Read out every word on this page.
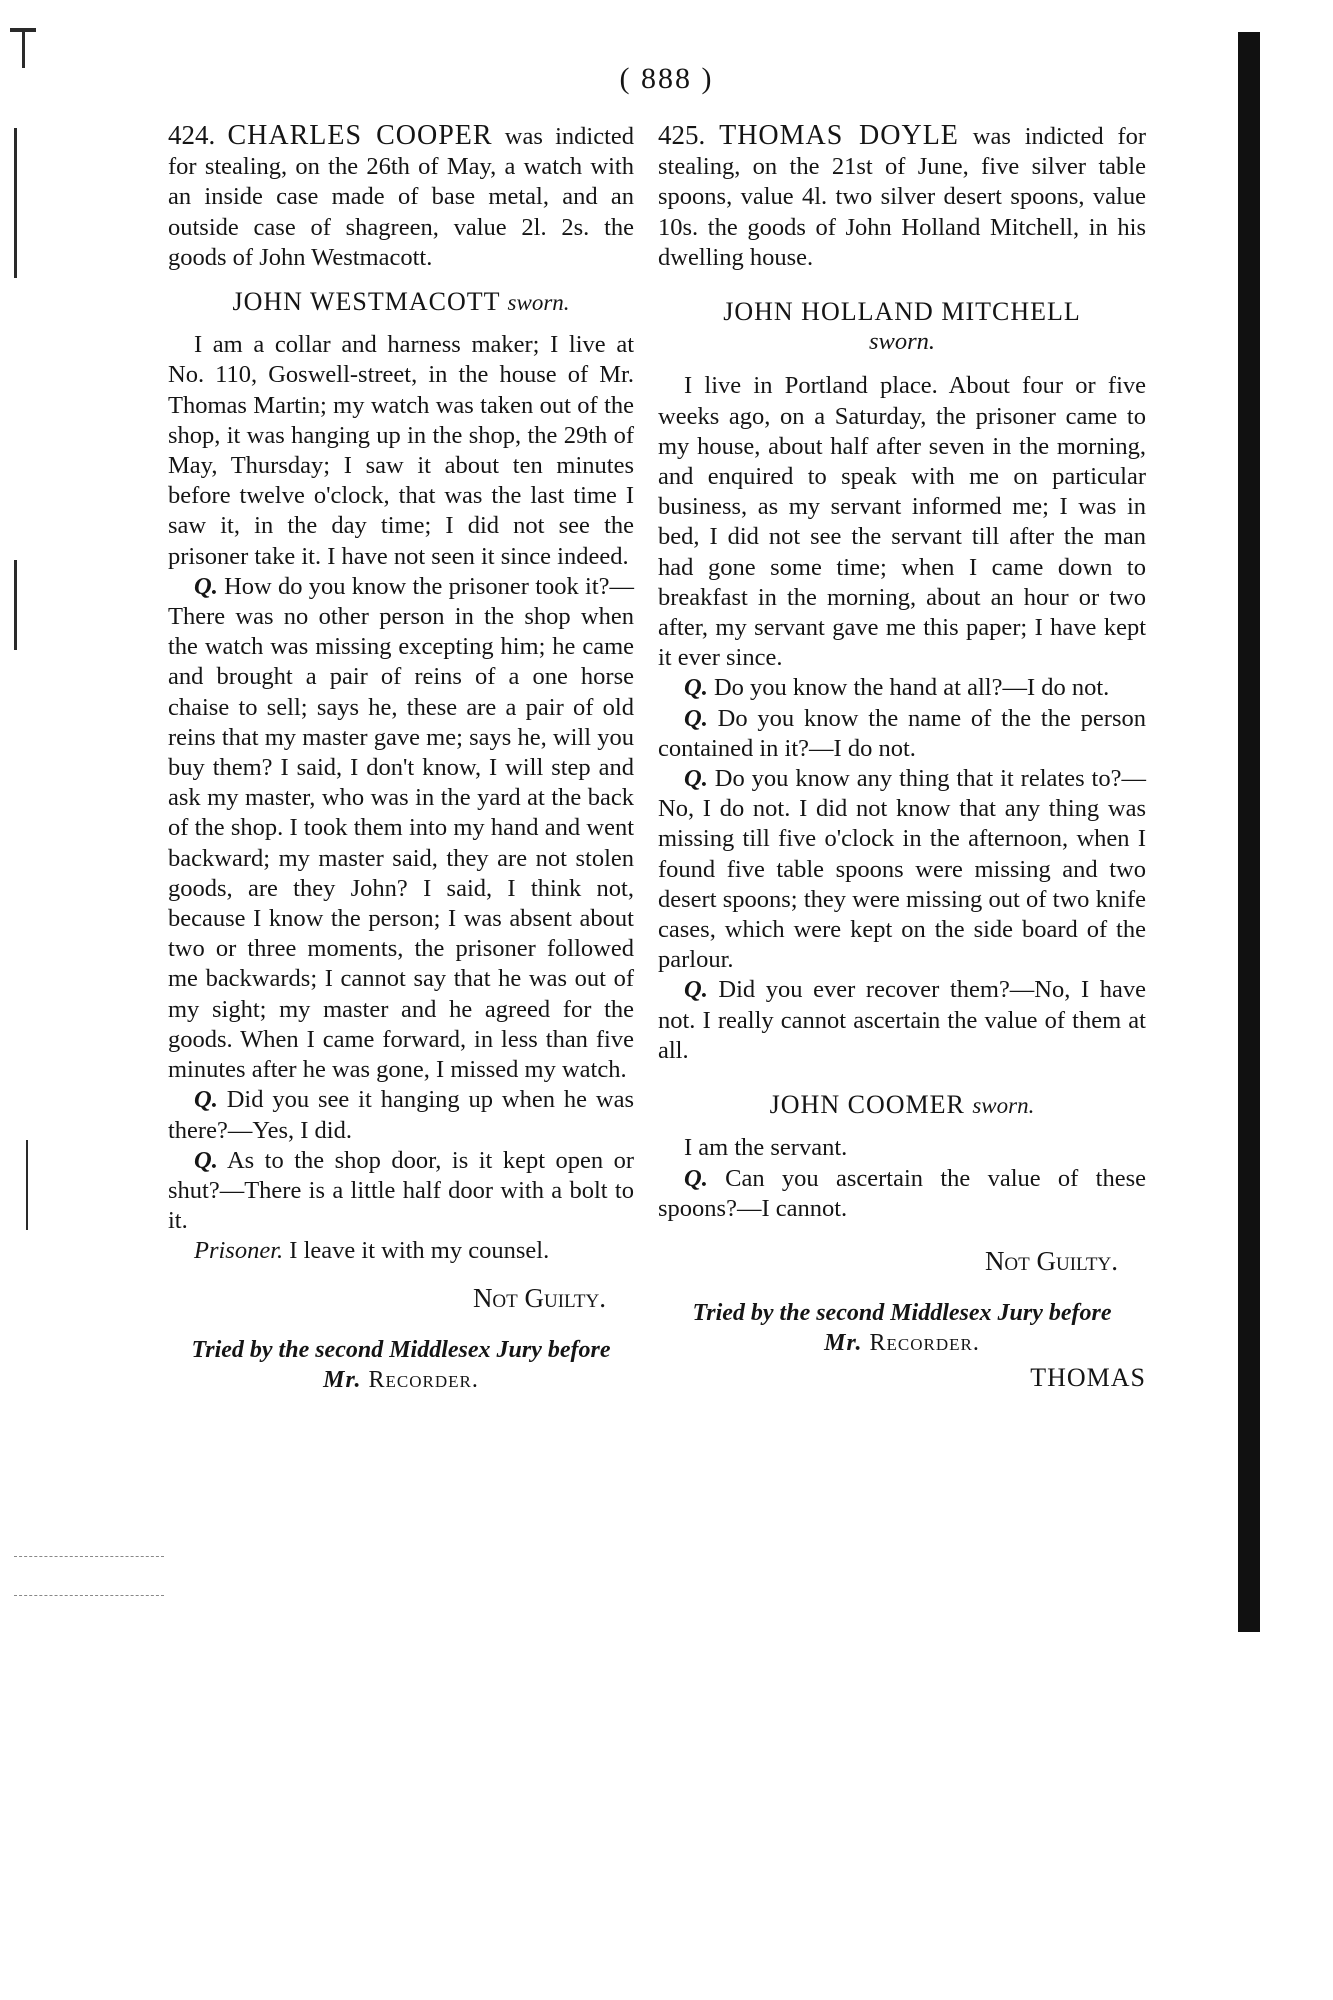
( 888 )

424. CHARLES COOPER was indicted for stealing, on the 26th of May, a watch with an inside case made of base metal, and an outside case of shagreen, value 2l. 2s. the goods of John Westmacott.

JOHN WESTMACOTT sworn.

I am a collar and harness maker; I live at No. 110, Goswell-street, in the house of Mr. Thomas Martin; my watch was taken out of the shop, it was hanging up in the shop, the 29th of May, Thursday; I saw it about ten minutes before twelve o'clock, that was the last time I saw it, in the day time; I did not see the prisoner take it. I have not seen it since indeed.

Q. How do you know the prisoner took it?—There was no other person in the shop when the watch was missing excepting him; he came and brought a pair of reins of a one horse chaise to sell; says he, these are a pair of old reins that my master gave me; says he, will you buy them? I said, I don't know, I will step and ask my master, who was in the yard at the back of the shop. I took them into my hand and went backward; my master said, they are not stolen goods, are they John? I said, I think not, because I know the person; I was absent about two or three moments, the prisoner followed me backwards; I cannot say that he was out of my sight; my master and he agreed for the goods. When I came forward, in less than five minutes after he was gone, I missed my watch.

Q. Did you see it hanging up when he was there?—Yes, I did.

Q. As to the shop door, is it kept open or shut?—There is a little half door with a bolt to it.

Prisoner. I leave it with my counsel.

Not Guilty.
Tried by the second Middlesex Jury before
Mr. Recorder.

425. THOMAS DOYLE was indicted for stealing, on the 21st of June, five silver table spoons, value 4l. two silver desert spoons, value 10s. the goods of John Holland Mitchell, in his dwelling house.

JOHN HOLLAND MITCHELL
sworn.

I live in Portland place. About four or five weeks ago, on a Saturday, the prisoner came to my house, about half after seven in the morning, and enquired to speak with me on particular business, as my servant informed me; I was in bed, I did not see the servant till after the man had gone some time; when I came down to breakfast in the morning, about an hour or two after, my servant gave me this paper; I have kept it ever since.

Q. Do you know the hand at all?—I do not.

Q. Do you know the name of the the person contained in it?—I do not.

Q. Do you know any thing that it relates to?—No, I do not. I did not know that any thing was missing till five o'clock in the afternoon, when I found five table spoons were missing and two desert spoons; they were missing out of two knife cases, which were kept on the side board of the parlour.

Q. Did you ever recover them?—No, I have not. I really cannot ascertain the value of them at all.

JOHN COOMER sworn.

I am the servant.

Q. Can you ascertain the value of these spoons?—I cannot.

Not Guilty.
Tried by the second Middlesex Jury before
Mr. Recorder.
THOMAS
